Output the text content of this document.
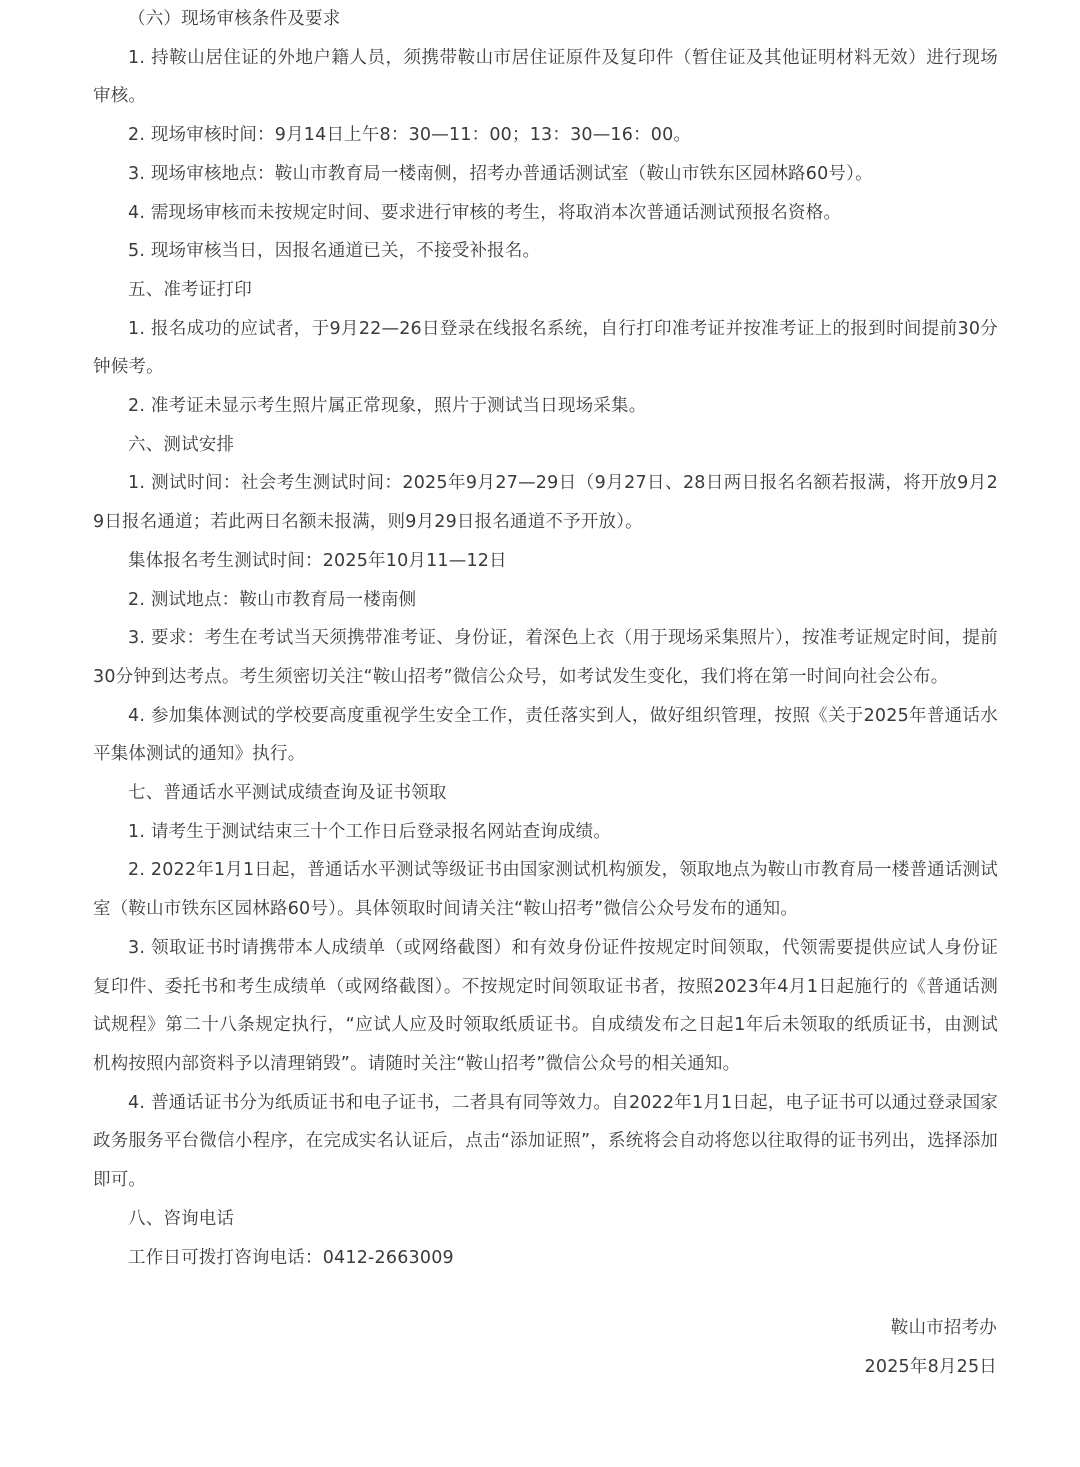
（六）现场审核条件及要求

1. 持鞍山居住证的外地户籍人员，须携带鞍山市居住证原件及复印件（暂住证及其他证明材料无效）进行现场审核。

2. 现场审核时间：9月14日上午8：30—11：00；13：30—16：00。

3. 现场审核地点：鞍山市教育局一楼南侧，招考办普通话测试室（鞍山市铁东区园林路60号）。

4. 需现场审核而未按规定时间、要求进行审核的考生，将取消本次普通话测试预报名资格。

5. 现场审核当日，因报名通道已关，不接受补报名。

五、准考证打印

1. 报名成功的应试者，于9月22—26日登录在线报名系统，自行打印准考证并按准考证上的报到时间提前30分钟候考。

2. 准考证未显示考生照片属正常现象，照片于测试当日现场采集。

六、测试安排

1. 测试时间：社会考生测试时间：2025年9月27—29日（9月27日、28日两日报名名额若报满，将开放9月29日报名通道；若此两日名额未报满，则9月29日报名通道不予开放）。

集体报名考生测试时间：2025年10月11—12日

2. 测试地点：鞍山市教育局一楼南侧

3. 要求：考生在考试当天须携带准考证、身份证，着深色上衣（用于现场采集照片），按准考证规定时间，提前30分钟到达考点。考生须密切关注“鞍山招考”微信公众号，如考试发生变化，我们将在第一时间向社会公布。

4. 参加集体测试的学校要高度重视学生安全工作，责任落实到人，做好组织管理，按照《关于2025年普通话水平集体测试的通知》执行。

七、普通话水平测试成绩查询及证书领取

1. 请考生于测试结束三十个工作日后登录报名网站查询成绩。

2. 2022年1月1日起，普通话水平测试等级证书由国家测试机构颁发，领取地点为鞍山市教育局一楼普通话测试室（鞍山市铁东区园林路60号）。具体领取时间请关注“鞍山招考”微信公众号发布的通知。

3. 领取证书时请携带本人成绩单（或网络截图）和有效身份证件按规定时间领取，代领需要提供应试人身份证复印件、委托书和考生成绩单（或网络截图）。不按规定时间领取证书者，按照2023年4月1日起施行的《普通话测试规程》第二十八条规定执行，“应试人应及时领取纸质证书。自成绩发布之日起1年后未领取的纸质证书，由测试机构按照内部资料予以清理销毁”。请随时关注“鞍山招考”微信公众号的相关通知。

4. 普通话证书分为纸质证书和电子证书，二者具有同等效力。自2022年1月1日起，电子证书可以通过登录国家政务服务平台微信小程序，在完成实名认证后，点击“添加证照”，系统将会自动将您以往取得的证书列出，选择添加即可。

八、咨询电话

工作日可拨打咨询电话：0412-2663009

鞍山市招考办
2025年8月25日
